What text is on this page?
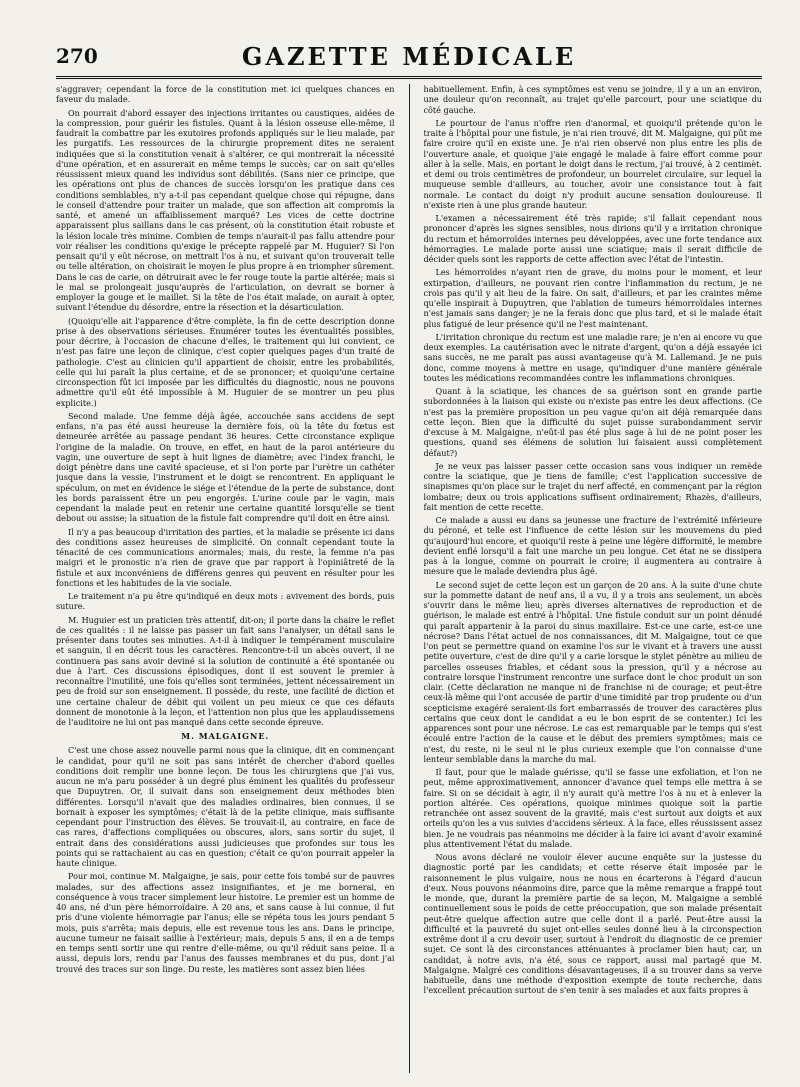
270	GAZETTE MÉDICALE

s'aggraver; cependant la force de la constitution met ici quelques chances en faveur du malade.

On pourrait d'abord essayer des injections irritantes ou caustiques, aidées de la compression, pour guérir les fistules. Quant à la lésion osseuse elle-même, il faudrait la combattre par les exutoires profonds appliqués sur le lieu malade, par les purgatifs. Les ressources de la chirurgie proprement dites ne seraient indiquées que si la constitution venait à s'altérer, ce qui montrerait la nécessité d'une opération, et en assurerait en même temps le succès; car on sait qu'elles réussissent mieux quand les individus sont débilités. (Sans nier ce principe, que les opérations ont plus de chances de succès lorsqu'on les pratique dans ces conditions semblables, n'y a-t-il pas cependant quelque chose qui répugne, dans le conseil d'attendre pour traiter un malade, que son affection ait compromis la santé, et amené un affaiblissement marqué? Les vices de cette doctrine apparaissent plus saillans dans le cas présent, où la constitution était robuste et la lésion locale très minime. Combien de temps n'aurait-il pas fallu attendre pour voir réaliser les conditions qu'exige le précepte rappelé par M. Huguier? Si l'on pensait qu'il y eût nécrose, on mettrait l'os à nu, et suivant qu'on trouverait telle ou telle altération, on choisirait le moyen le plus propre à en triompher sûrement. Dans le cas de carie, on détruirait avec le fer rouge toute la partie altérée; mais si le mal se prolongeait jusqu'auprès de l'articulation, on devrait se borner à employer la gouge et le maillet. Si la tête de l'os était malade, on aurait à opter, suivant l'étendue du désordre, entre la résection et la désarticulation.

(Quoiqu'elle ait l'apparence d'être complète, la fin de cette description donne prise à des observations sérieuses. Énumérer toutes les éventualités possibles, pour décrire, à l'occasion de chacune d'elles, le traitement qui lui convient, ce n'est pas faire une leçon de clinique, c'est copier quelques pages d'un traité de pathologie. C'est au clinicien qu'il appartient de choisir, entre les probabilités, celle qui lui paraît la plus certaine, et de se prononcer; et quoiqu'une certaine circonspection fût ici imposée par les difficultés du diagnostic, nous ne pouvons admettre qu'il eût été impossible à M. Huguier de se montrer un peu plus explicite.)

Second malade. Une femme déjà âgée, accouchée sans accidens de sept enfans, n'a pas été aussi heureuse la dernière fois, où la tête du fœtus est demeurée arrêtée au passage pendant 36 heures. Cette circonstance explique l'origine de la maladie. On trouve, en effet, en haut de la paroi antérieure du vagin, une ouverture de sept à huit lignes de diamètre; avec l'index franchi, le doigt pénètre dans une cavité spacieuse, et si l'on porte par l'urètre un cathéter jusque dans la vessie, l'instrument et le doigt se rencontrent. En appliquant le spéculum, on met en évidence le siége et l'étendue de la perte de substance, dont les bords paraissent être un peu engorgés. L'urine coule par le vagin, mais cependant la malade peut en retenir une certaine quantité lorsqu'elle se tient debout ou assise; la situation de la fistule fait comprendre qu'il doit en être ainsi.

Il n'y a pas beaucoup d'irritation des parties, et la maladie se présente ici dans des conditions assez heureuses de simplicité. On connaît cependant toute la ténacité de ces communications anormales; mais, du reste, la femme n'a pas maigri et le pronostic n'a rien de grave que par rapport à l'opiniâtreté de la fistule et aux inconvéniens de différens genres qui peuvent en résulter pour les fonctions et les habitudes de la vie sociale.

Le traitement n'a pu être qu'indiqué en deux mots : avivement des bords, puis suture.

M. Huguier est un praticien très attentif, dit-on; il porte dans la chaire le reflet de ces qualités : il ne laisse pas passer un fait sans l'analyser, un détail sans le présenter dans toutes ses minuties. A-t-il à indiquer le tempérament musculaire et sanguin, il en décrit tous les caractères. Rencontre-t-il un abcès ouvert, il ne continuera pas sans avoir deviné si la solution de continuité a été spontanée ou due à l'art. Ces discussions épisodiques, dont il est souvent le premier à reconnaître l'inutilité, une fois qu'elles sont terminées, jettent nécessairement un peu de froid sur son enseignement. Il possède, du reste, une facilité de diction et une certaine chaleur de débit qui voilent un peu mieux ce que ces défauts donnent de monotonie à la leçon, et l'attention non plus que les applaudissemens de l'auditoire ne lui ont pas manqué dans cette seconde épreuve.

M. MALGAIGNE.

C'est une chose assez nouvelle parmi nous que la clinique, dit en commençant le candidat, pour qu'il ne soit pas sans intérêt de chercher d'abord quelles conditions doit remplir une bonne leçon. De tous les chirurgiens que j'ai vus, aucun ne m'a paru posséder à un degré plus éminent les qualités du professeur que Dupuytren. Or, il suivait dans son enseignement deux méthodes bien différentes. Lorsqu'il n'avait que des maladies ordinaires, bien connues, il se bornait à exposer les symptômes; c'était là de la petite clinique, mais suffisante cependant pour l'instruction des élèves. Se trouvait-il, au contraire, en face de cas rares, d'affections compliquées ou obscures, alors, sans sortir du sujet, il entrait dans des considérations aussi judicieuses que profondes sur tous les points qui se rattachaient au cas en question; c'était ce qu'on pourrait appeler la haute clinique.

Pour moi, continue M. Malgaigne, je sais, pour cette fois tombé sur de pauvres malades, sur des affections assez insignifiantes, et je me bornerai, en conséquence à vous tracer simplement leur histoire. Le premier est un homme de 40 ans, né d'un père hémorroïdaire. À 20 ans, et sans cause à lui connue, il fut pris d'une violente hémorragie par l'anus; elle se répéta tous les jours pendant 5 mois, puis s'arrêta; mais depuis, elle est revenue tous les ans. Dans le principe, aucune tumeur ne faisait saillie à l'extérieur; mais, depuis 5 ans, il en a de temps en temps senti sortir une qui rentre d'elle-même, ou qu'il réduit sans peine. Il a aussi, depuis lors, rendu par l'anus des fausses membranes et du pus, dont j'ai trouvé des traces sur son linge. Du reste, les matières sont assez bien liées

habituellement. Enfin, à ces symptômes est venu se joindre, il y a un an environ, une douleur qu'on reconnaît, au trajet qu'elle parcourt, pour une sciatique du côté gauche.

Le pourtour de l'anus n'offre rien d'anormal, et quoiqu'il prétende qu'on le traite à l'hôpital pour une fistule, je n'ai rien trouvé, dit M. Malgaigne, qui pût me faire croire qu'il en existe une. Je n'ai rien observé non plus entre les plis de l'ouverture anale, et quoique j'aie engagé le malade à faire effort comme pour aller à la selle. Mais, en portant le doigt dans le rectum, j'ai trouvé, à 2 centimèt. et demi ou trois centimètres de profondeur, un bourrelet circulaire, sur lequel la muqueuse semble d'ailleurs, au toucher, avoir une consistance tout à fait normale. Le contact du doigt n'y produit aucune sensation douloureuse. Il n'existe rien à une plus grande hauteur.

L'examen a nécessairement été très rapide; s'il fallait cependant nous prononcer d'après les signes sensibles, nous dirions qu'il y a irritation chronique du rectum et hémorroïdes internes peu développées, avec une forte tendance aux hémorragies. Le malade porte aussi une sciatique; mais il serait difficile de décider quels sont les rapports de cette affection avec l'état de l'intestin.

Les hémorroïdes n'ayant rien de grave, du moins pour le moment, et leur extirpation, d'ailleurs, ne pouvant rien contre l'inflammation du rectum, je ne crois pas qu'il y ait lieu de la faire. On sait, d'ailleurs, et par les craintes même qu'elle inspirait à Dupuytren, que l'ablation de tumeurs hémorroïdales internes n'est jamais sans danger; je ne la ferais donc que plus tard, et si le malade était plus fatigué de leur présence qu'il ne l'est maintenant.

L'irritation chronique du rectum est une maladie rare; je n'en ai encore vu que deux exemples. La cautérisation avec le nitrate d'argent, qu'on a déjà essayée ici sans succès, ne me paraît pas aussi avantageuse qu'à M. Lallemand. Je ne puis donc, comme moyens à mettre en usage, qu'indiquer d'une manière générale toutes les médications recommandées contre les inflammations chroniques.

Quant à la sciatique, les chances de sa guérison sont en grande partie subordonnées à la liaison qui existe ou n'existe pas entre les deux affections. (Ce n'est pas la première proposition un peu vague qu'on ait déjà remarquée dans cette leçon. Bien que la difficulté du sujet puisse surabondamment servir d'excuse à M. Malgaigne, n'eût-il pas été plus sage à lui de ne point poser les questions, quand ses élémens de solution lui faisaient aussi complètement défaut?)

Je ne veux pas laisser passer cette occasion sans vous indiquer un remède contre la sciatique, que je tiens de famille; c'est l'application successive de sinapismes qu'on place sur le trajet du nerf affecté, en commençant par la région lombaire; deux ou trois applications suffisent ordinairement; Rhazès, d'ailleurs, fait mention de cette recette.

Ce malade a aussi eu dans sa jeunesse une fracture de l'extrémité inférieure du péroné, et telle est l'influence de cette lésion sur les mouvemens du pied qu'aujourd'hui encore, et quoiqu'il reste à peine une légère difformité, le membre devient enflé lorsqu'il a fait une marche un peu longue. Cet état ne se dissipera pas à la longue, comme on pourrait le croire; il augmentera au contraire à mesure que le malade deviendra plus âgé.

Le second sujet de cette leçon est un garçon de 20 ans. À la suite d'une chute sur la pommette datant de neuf ans, il a vu, il y a trois ans seulement, un abcès s'ouvrir dans le même lieu; après diverses alternatives de reproduction et de guérison, le malade est entré à l'hôpital. Une fistule conduit sur un point dénudé qui paraît appartenir à la paroi du sinus maxillaire. Est-ce une carie, est-ce une nécrose? Dans l'état actuel de nos connaissances, dit M. Malgaigne, tout ce que l'on peut se permettre quand on examine l'os sur le vivant et à travers une aussi petite ouverture, c'est de dire qu'il y a carie lorsque le stylet pénètre au milieu de parcelles osseuses friables, et cédant sous la pression, qu'il y a nécrose au contraire lorsque l'instrument rencontre une surface dont le choc produit un son clair. (Cette déclaration ne manque ni de franchise ni de courage; et peut-être ceux-là même qui l'ont accusée de partir d'une timidité par trop prudente ou d'un scepticisme exagéré seraient-ils fort embarrassés de trouver des caractères plus certains que ceux dont le candidat a eu le bon esprit de se contenter.) Ici les apparences sont pour une nécrose. Le cas est remarquable par le temps qui s'est écoulé entre l'action de la cause et le début des premiers symptômes; mais ce n'est, du reste, ni le seul ni le plus curieux exemple que l'on connaisse d'une lenteur semblable dans la marche du mal.

Il faut, pour que le malade guérisse, qu'il se fasse une exfoliation, et l'on ne peut, même approximativement, annoncer d'avance quel temps elle mettra à se faire. Si on se décidait à agir, il n'y aurait qu'à mettre l'os à nu et à enlever la portion altérée. Ces opérations, quoique minimes quoique soit la partie retranchée ont assez souvent de la gravité, mais c'est surtout aux doigts et aux orteils qu'on les a vus suivies d'accidens sérieux. À la face, elles réussissent assez bien. Je ne voudrais pas néanmoins me décider à la faire ici avant d'avoir examiné plus attentivement l'état du malade.

Nous avons déclaré ne vouloir élever aucune enquête sur la justesse du diagnostic porté par les candidats; et cette réserve était imposée par le raisonnement le plus vulgaire, nous ne nous en écarterons à l'égard d'aucun d'eux. Nous pouvons néanmoins dire, parce que la même remarque a frappé tout le monde, que, durant la première partie de sa leçon, M. Malgaigne a semblé continuellement sous le poids de cette préoccupation, que son malade présentait peut-être quelque affection autre que celle dont il a parlé. Peut-être aussi la difficulté et la pauvreté du sujet ont-elles seules donné lieu à la circonspection extrême dont il a cru devoir user, surtout à l'endroit du diagnostic de ce premier sujet. Ce sont là des circonstances atténuantes à proclamer bien haut; car, un candidat, à notre avis, n'a été, sous ce rapport, aussi mal partagé que M. Malgaigne. Malgré ces conditions désavantageuses, il a su trouver dans sa verve habituelle, dans une méthode d'exposition exempte de toute recherche, dans l'excellent précaution surtout de s'en tenir à ses malades et aux faits propres à
